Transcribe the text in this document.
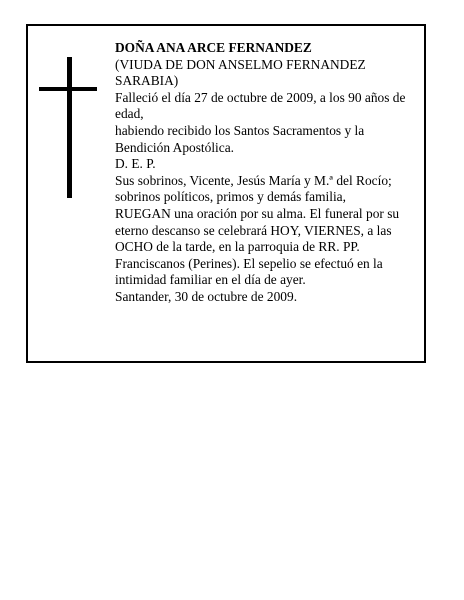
DOÑA ANA ARCE FERNANDEZ

(VIUDA DE DON ANSELMO FERNANDEZ SARABIA)

Falleció el día 27 de octubre de 2009, a los 90 años de edad,

habiendo recibido los Santos Sacramentos y la Bendición Apostólica.

D. E. P.

Sus sobrinos, Vicente, Jesús María y M.ª del Rocío; sobrinos políticos, primos y demás familia,

RUEGAN una oración por su alma. El funeral por su eterno descanso se celebrará HOY, VIERNES, a las OCHO de la tarde, en la parroquia de RR. PP. Franciscanos (Perines). El sepelio se efectuó en la intimidad familiar en el día de ayer.

Santander, 30 de octubre de 2009.
